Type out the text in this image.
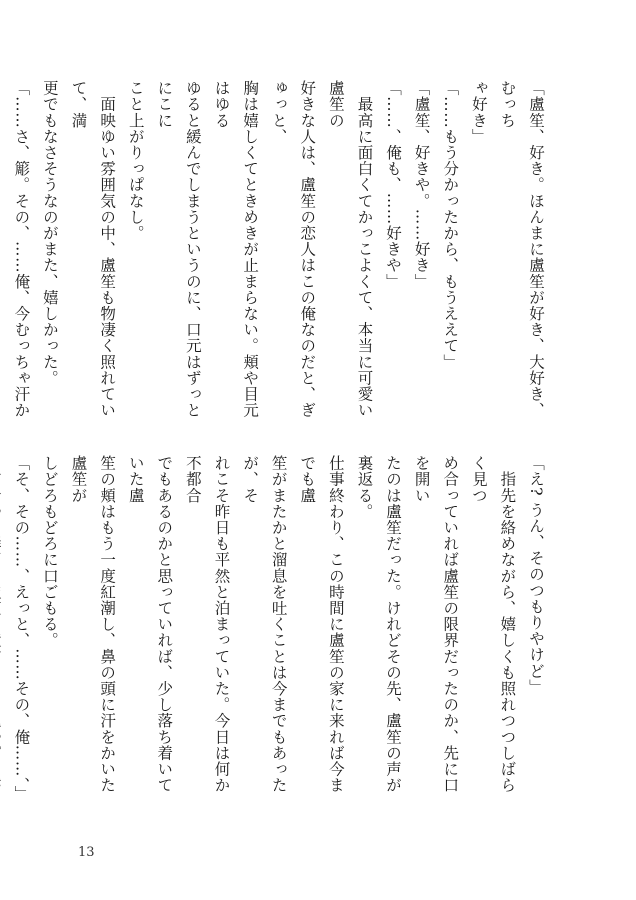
「盧笙、好き。ほんまに盧笙が好き、大好き、むっち
ゃ好き」
「……もう分かったから、もうええて」
「盧笙、好きや。……好き」
「……、俺も、……好きや」
　最高に面白くてかっこよくて、本当に可愛い盧笙の
好きな人は、盧笙の恋人はこの俺なのだと、ぎゅっと、
胸は嬉しくてときめきが止まらない。頬や目元はゆる
ゆると緩んでしまうというのに、口元はずっとにこに
こと上がりっぱなし。
　面映ゆい雰囲気の中、盧笙も物凄く照れていて、満
更でもなさそうなのがまた、嬉しかった。
「……さ、簓。その、……俺、今むっちゃ汗か
「え? うん、そのつもりやけど」
　指先を絡めながら、嬉しくも照れつつしばらく見つ
め合っていれば盧笙の限界だったのか、先に口を開い
たのは盧笙だった。けれどその先、盧笙の声が裏返る。
仕事終わり、この時間に盧笙の家に来れば今までも盧
笙がまたかと溜息を吐くことは今までもあったが、そ
れこそ昨日も平然と泊まっていた。今日は何か不都合
でもあるのかと思っていれば、少し落ち着いていた盧
笙の頬はもう一度紅潮し、鼻の頭に汗をかいた盧笙が
しどろもどろに口ごもる。
「そ、その……、えっと、……その、俺……、」
13
